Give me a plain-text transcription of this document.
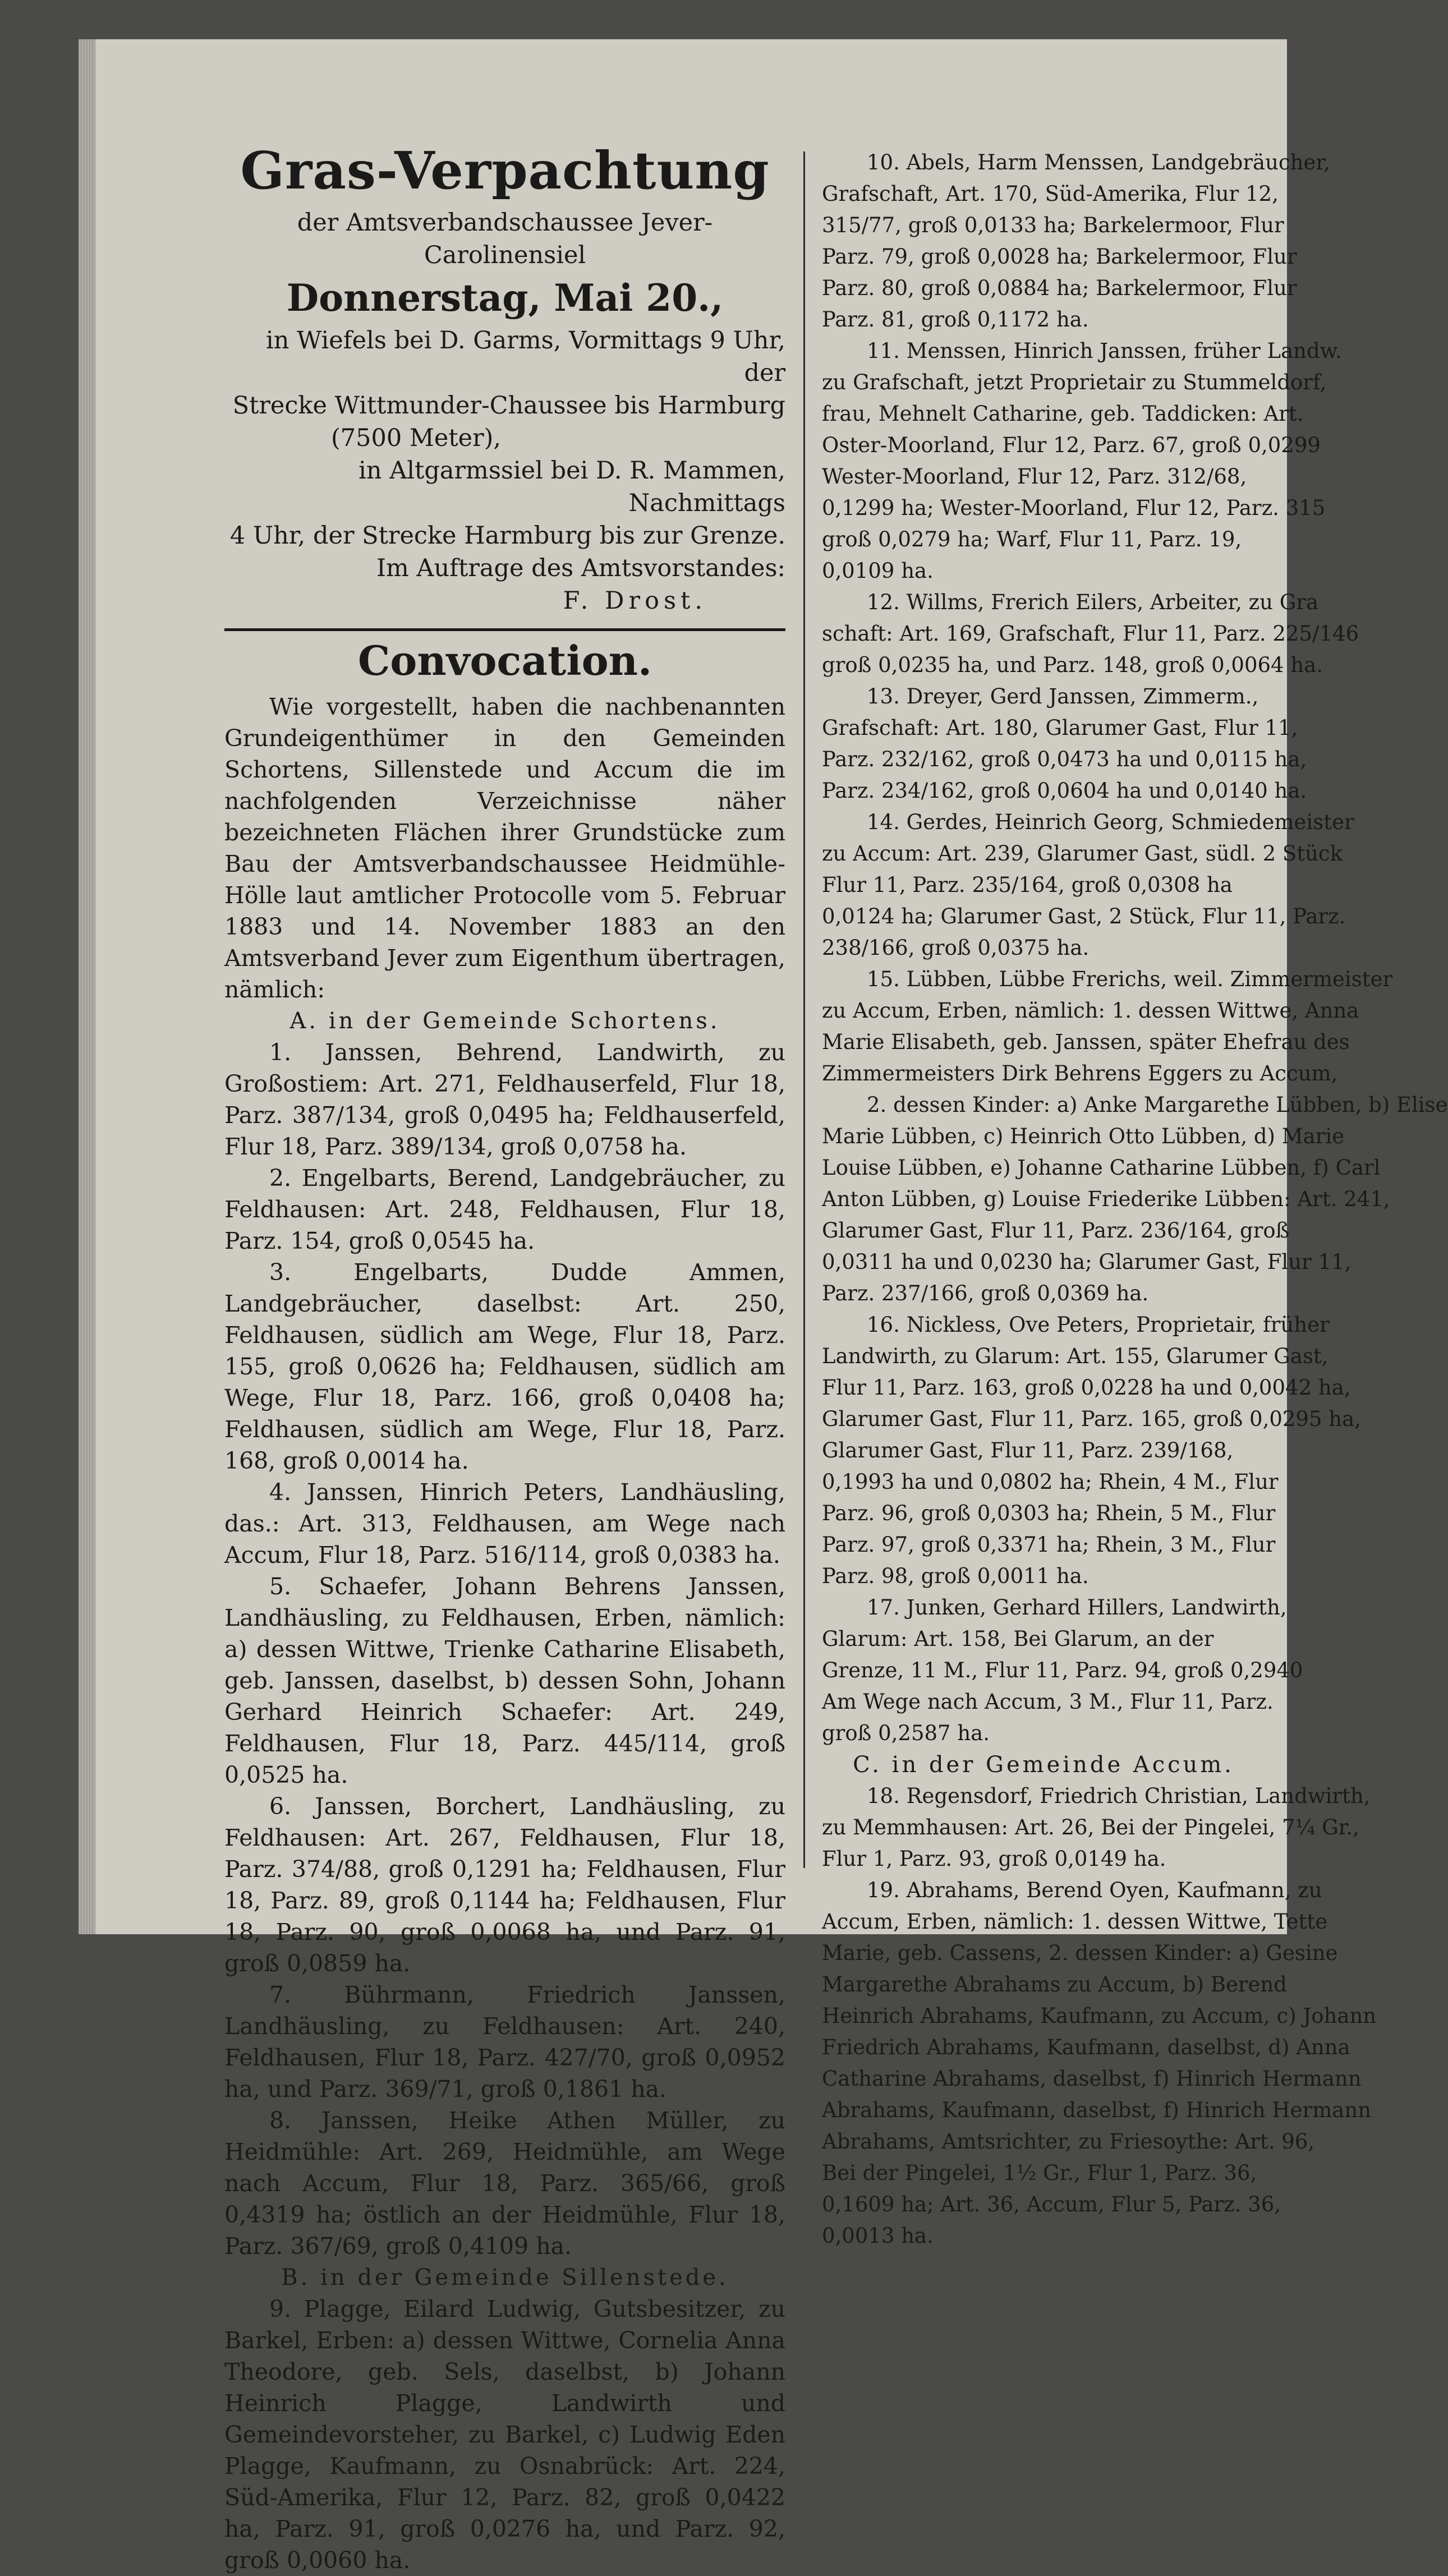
Gras-Verpachtung
der Amtsverbandschaussee Jever-Carolinensiel
Donnerstag, Mai 20.,
in Wiefels bei D. Garms, Vormittags 9 Uhr, der
Strecke Wittmunder-Chaussee bis Harmburg
(7500 Meter),
in Altgarmssiel bei D. R. Mammen, Nachmittags
4 Uhr, der Strecke Harmburg bis zur Grenze.
Im Auftrage des Amtsvorstandes:
F. Drost.
Convocation.

Wie vorgestellt, haben die nachbenannten Grundeigenthümer in den Gemeinden Schortens, Sillenstede und Accum die im nachfolgenden Verzeichnisse näher bezeichneten Flächen ihrer Grundstücke zum Bau der Amtsverbandschaussee Heidmühle-Hölle laut amtlicher Protocolle vom 5. Februar 1883 und 14. November 1883 an den Amtsverband Jever zum Eigenthum übertragen, nämlich:

A. in der Gemeinde Schortens.

1. Janssen, Behrend, Landwirth, zu Großostiem: Art. 271, Feldhauserfeld, Flur 18, Parz. 387/134, groß 0,0495 ha; Feldhauserfeld, Flur 18, Parz. 389/134, groß 0,0758 ha.

2. Engelbarts, Berend, Landgebräucher, zu Feldhausen: Art. 248, Feldhausen, Flur 18, Parz. 154, groß 0,0545 ha.

3. Engelbarts, Dudde Ammen, Landgebräucher, daselbst: Art. 250, Feldhausen, südlich am Wege, Flur 18, Parz. 155, groß 0,0626 ha; Feldhausen, südlich am Wege, Flur 18, Parz. 166, groß 0,0408 ha; Feldhausen, südlich am Wege, Flur 18, Parz. 168, groß 0,0014 ha.

4. Janssen, Hinrich Peters, Landhäusling, das.: Art. 313, Feldhausen, am Wege nach Accum, Flur 18, Parz. 516/114, groß 0,0383 ha.

5. Schaefer, Johann Behrens Janssen, Landhäusling, zu Feldhausen, Erben, nämlich: a) dessen Wittwe, Trienke Catharine Elisabeth, geb. Janssen, daselbst, b) dessen Sohn, Johann Gerhard Heinrich Schaefer: Art. 249, Feldhausen, Flur 18, Parz. 445/114, groß 0,0525 ha.

6. Janssen, Borchert, Landhäusling, zu Feldhausen: Art. 267, Feldhausen, Flur 18, Parz. 374/88, groß 0,1291 ha; Feldhausen, Flur 18, Parz. 89, groß 0,1144 ha; Feldhausen, Flur 18, Parz. 90, groß 0,0068 ha, und Parz. 91, groß 0,0859 ha.

7. Bührmann, Friedrich Janssen, Landhäusling, zu Feldhausen: Art. 240, Feldhausen, Flur 18, Parz. 427/70, groß 0,0952 ha, und Parz. 369/71, groß 0,1861 ha.

8. Janssen, Heike Athen Müller, zu Heidmühle: Art. 269, Heidmühle, am Wege nach Accum, Flur 18, Parz. 365/66, groß 0,4319 ha; östlich an der Heidmühle, Flur 18, Parz. 367/69, groß 0,4109 ha.

B. in der Gemeinde Sillenstede.

9. Plagge, Eilard Ludwig, Gutsbesitzer, zu Barkel, Erben: a) dessen Wittwe, Cornelia Anna Theodore, geb. Sels, daselbst, b) Johann Heinrich Plagge, Landwirth und Gemeindevorsteher, zu Barkel, c) Ludwig Eden Plagge, Kaufmann, zu Osnabrück: Art. 224, Süd-Amerika, Flur 12, Parz. 82, groß 0,0422 ha, Parz. 91, groß 0,0276 ha, und Parz. 92, groß 0,0060 ha.

10. Abels, Harm Menssen, Landgebräucher,

Grafschaft, Art. 170, Süd-Amerika, Flur 12,

315/77, groß 0,0133 ha; Barkelermoor, Flur

Parz. 79, groß 0,0028 ha; Barkelermoor, Flur

Parz. 80, groß 0,0884 ha; Barkelermoor, Flur

Parz. 81, groß 0,1172 ha.

11. Menssen, Hinrich Janssen, früher Landw.

zu Grafschaft, jetzt Proprietair zu Stummeldorf,

frau, Mehnelt Catharine, geb. Taddicken: Art.

Oster-Moorland, Flur 12, Parz. 67, groß 0,0299

Wester-Moorland, Flur 12, Parz. 312/68,

0,1299 ha; Wester-Moorland, Flur 12, Parz. 315

groß 0,0279 ha; Warf, Flur 11, Parz. 19,

0,0109 ha.

12. Willms, Frerich Eilers, Arbeiter, zu Gra

schaft: Art. 169, Grafschaft, Flur 11, Parz. 225/146

groß 0,0235 ha, und Parz. 148, groß 0,0064 ha.

13. Dreyer, Gerd Janssen, Zimmerm.,

Grafschaft: Art. 180, Glarumer Gast, Flur 11,

Parz. 232/162, groß 0,0473 ha und 0,0115 ha,

Parz. 234/162, groß 0,0604 ha und 0,0140 ha.

14. Gerdes, Heinrich Georg, Schmiedemeister

zu Accum: Art. 239, Glarumer Gast, südl. 2 Stück

Flur 11, Parz. 235/164, groß 0,0308 ha

0,0124 ha; Glarumer Gast, 2 Stück, Flur 11, Parz.

238/166, groß 0,0375 ha.

15. Lübben, Lübbe Frerichs, weil. Zimmermeister

zu Accum, Erben, nämlich: 1. dessen Wittwe, Anna

Marie Elisabeth, geb. Janssen, später Ehefrau des

Zimmermeisters Dirk Behrens Eggers zu Accum,

2. dessen Kinder: a) Anke Margarethe Lübben, b) Elise

Marie Lübben, c) Heinrich Otto Lübben, d) Marie

Louise Lübben, e) Johanne Catharine Lübben, f) Carl

Anton Lübben, g) Louise Friederike Lübben: Art. 241,

Glarumer Gast, Flur 11, Parz. 236/164, groß

0,0311 ha und 0,0230 ha; Glarumer Gast, Flur 11,

Parz. 237/166, groß 0,0369 ha.

16. Nickless, Ove Peters, Proprietair, früher

Landwirth, zu Glarum: Art. 155, Glarumer Gast,

Flur 11, Parz. 163, groß 0,0228 ha und 0,0042 ha,

Glarumer Gast, Flur 11, Parz. 165, groß 0,0295 ha,

Glarumer Gast, Flur 11, Parz. 239/168,

0,1993 ha und 0,0802 ha; Rhein, 4 M., Flur

Parz. 96, groß 0,0303 ha; Rhein, 5 M., Flur

Parz. 97, groß 0,3371 ha; Rhein, 3 M., Flur

Parz. 98, groß 0,0011 ha.

17. Junken, Gerhard Hillers, Landwirth,

Glarum: Art. 158, Bei Glarum, an der

Grenze, 11 M., Flur 11, Parz. 94, groß 0,2940

Am Wege nach Accum, 3 M., Flur 11, Parz.

groß 0,2587 ha.

C. in der Gemeinde Accum.

18. Regensdorf, Friedrich Christian, Landwirth,

zu Memmhausen: Art. 26, Bei der Pingelei, 7¼ Gr.,

Flur 1, Parz. 93, groß 0,0149 ha.

19. Abrahams, Berend Oyen, Kaufmann, zu

Accum, Erben, nämlich: 1. dessen Wittwe, Tette

Marie, geb. Cassens, 2. dessen Kinder: a) Gesine

Margarethe Abrahams zu Accum, b) Berend

Heinrich Abrahams, Kaufmann, zu Accum, c) Johann

Friedrich Abrahams, Kaufmann, daselbst, d) Anna

Catharine Abrahams, daselbst, f) Hinrich Hermann

Abrahams, Kaufmann, daselbst, f) Hinrich Hermann

Abrahams, Amtsrichter, zu Friesoythe: Art. 96,

Bei der Pingelei, 1½ Gr., Flur 1, Parz. 36,

0,1609 ha; Art. 36, Accum, Flur 5, Parz. 36,

0,0013 ha.
